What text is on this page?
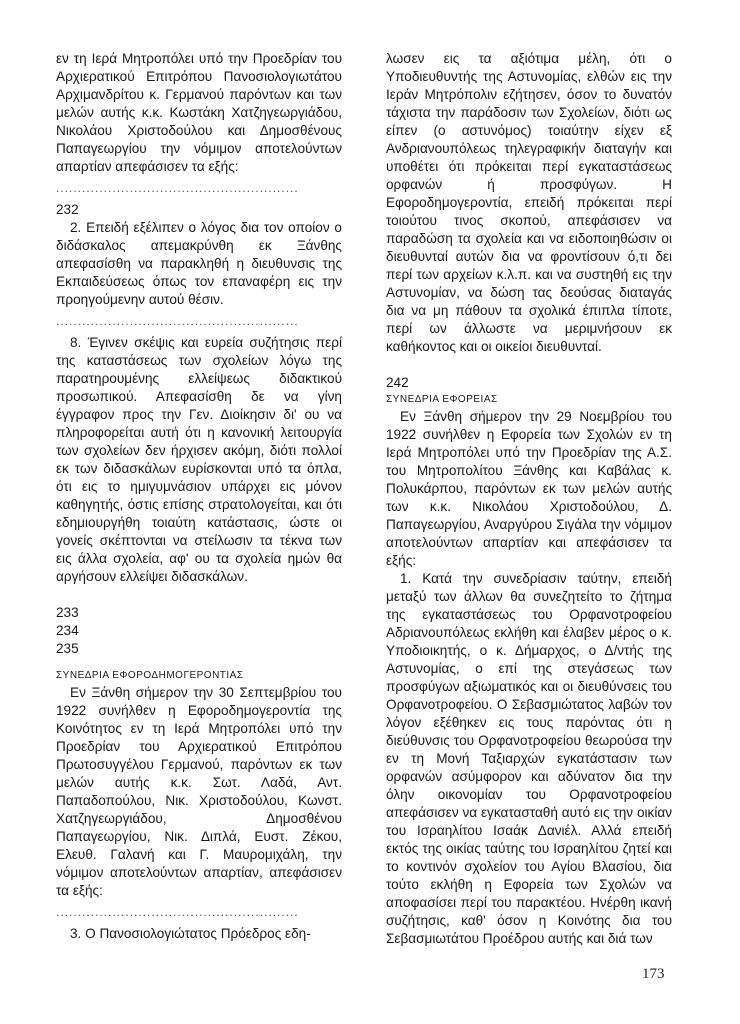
εν τη Ιερά Μητροπόλει υπό την Προεδρίαν του Αρχιερατικού Επιτρόπου Πανοσιολογιωτάτου Αρχιμανδρίτου κ. Γερμανού παρόντων και των μελών αυτής κ.κ. Κωστάκη Χατζηγεωργιάδου, Νικολάου Χριστοδούλου και Δημοσθένους Παπαγεωργίου την νόμιμον αποτελούντων απαρτίαν απεφάσισεν τα εξής:

........................................................

232

2. Επειδή εξέλιπεν ο λόγος δια τον οποίον ο διδάσκαλος απεμακρύνθη εκ Ξάνθης απεφασίσθη να παρακληθή η διευθυνσις της Εκπαιδεύσεως όπως τον επαναφέρη εις την προηγούμενην αυτού θέσιν.

........................................................

8. Έγινεν σκέψις και ευρεία συζήτησις περί της καταστάσεως των σχολείων λόγω της παρατηρουμένης ελλείψεως διδακτικού προσωπικού. Απεφασίσθη δε να γίνη έγγραφον προς την Γεν. Διοίκησιν δι' ου να πληροφορείται αυτή ότι η κανονική λειτουργία των σχολείων δεν ήρχισεν ακόμη, διότι πολλοί εκ των διδασκάλων ευρίσκονται υπό τα όπλα, ότι εις το ημιγυμνάσιον υπάρχει εις μόνον καθηγητής, όστις επίσης στρατολογείται, και ότι εδημιουργήθη τοιαύτη κατάστασις, ώστε οι γονείς σκέπτονται να στείλωσιν τα τέκνα των εις άλλα σχολεία, αφ' ου τα σχολεία ημών θα αργήσουν ελλείψει διδασκάλων.

233

234

235

ΣΥΝΕΔΡΙΑ ΕΦΟΡΟΔΗΜΟΓΕΡΟΝΤΙΑΣ

Εν Ξάνθη σήμερον την 30 Σεπτεμβρίου του 1922 συνήλθεν η Εφοροδημογεροντία της Κοινότητος εν τη Ιερά Μητροπόλει υπό την Προεδρίαν του Αρχιερατικού Επιτρόπου Πρωτοσυγγέλου Γερμανού, παρόντων εκ των μελών αυτής κ.κ. Σωτ. Λαδά, Αντ. Παπαδοπούλου, Νικ. Χριστοδούλου, Κωνστ. Χατζηγεωργιάδου, Δημοσθένου Παπαγεωργίου, Νικ. Διπλά, Ευστ. Ζέκου, Ελευθ. Γαλανή και Γ. Μαυρομιχάλη, την νόμιμον αποτελούντων απαρτίαν, απεφάσισεν τα εξής:

........................................................

3. Ο Πανοσιολογιώτατος Πρόεδρος εδη-

λωσεν εις τα αξιότιμα μέλη, ότι ο Υποδιευθυντής της Αστυνομίας, ελθών εις την Ιεράν Μητρόπολιν εζήτησεν, όσον το δυνατόν τάχιστα την παράδοσιν των Σχολείων, διότι ως είπεν (ο αστυνόμος) τοιαύτην είχεν εξ Ανδριανουπόλεως τηλεγραφικήν διαταγήν και υποθέτει ότι πρόκειται περί εγκαταστάσεως ορφανών ή προσφύγων. Η Εφοροδημογεροντία, επειδή πρόκειται περί τοιούτου τινος σκοπού, απεφάσισεν να παραδώση τα σχολεία και να ειδοποιηθώσιν οι διευθυνταί αυτών δια να φροντίσουν ό,τι δει περί των αρχείων κ.λ.π. και να συστηθή εις την Αστυνομίαν, να δώση τας δεούσας διαταγάς δια να μη πάθουν τα σχολικά έπιπλα τίποτε, περί ων άλλωστε να μεριμνήσουν εκ καθήκοντος και οι οικείοι διευθυνταί.

242

ΣΥΝΕΔΡΙΑ ΕΦΟΡΕΙΑΣ

Εν Ξάνθη σήμερον την 29 Νοεμβρίου του 1922 συνήλθεν η Εφορεία των Σχολών εν τη Ιερά Μητροπόλει υπό την Προεδρίαν της Α.Σ. του Μητροπολίτου Ξάνθης και Καβάλας κ. Πολυκάρπου, παρόντων εκ των μελών αυτής των κ.κ. Νικολάου Χριστοδούλου, Δ. Παπαγεωργίου, Αναργύρου Σιγάλα την νόμιμον αποτελούντων απαρτίαν και απεφάσισεν τα εξής:

1. Κατά την συνεδρίασιν ταύτην, επειδή μεταξύ των άλλων θα συνεζητείτο το ζήτημα της εγκαταστάσεως του Ορφανοτροφείου Αδριανουπόλεως εκλήθη και έλαβεν μέρος ο κ. Υποδιοικητής, ο κ. Δήμαρχος, ο Δ/ντής της Αστυνομίας, ο επί της στεγάσεως των προσφύγων αξιωματικός και οι διευθύνσεις του Ορφανοτροφείου. Ο Σεβασμιώτατος λαβών τον λόγον εξέθηκεν εις τους παρόντας ότι η διεύθυνσις του Ορφανοτροφείου θεωρούσα την εν τη Μονή Ταξιαρχών εγκατάστασιν των ορφανών ασύμφορον και αδύνατον δια την όλην οικονομίαν του Ορφανοτροφείου απεφάσισεν να εγκατασταθή αυτό εις την οικίαν του Ισραηλίτου Ισαάκ Δανιέλ. Αλλά επειδή εκτός της οικίας ταύτης του Ισραηλίτου ζητεί και το κοντινόν σχολείον του Αγίου Βλασίου, δια τούτο εκλήθη η Εφορεία των Σχολών να αποφασίσει περί του παρακτέου. Ηνέρθη ικανή συζήτησις, καθ' όσον η Κοινότης δια του Σεβασμιωτάτου Προέδρου αυτής και διά των

173
